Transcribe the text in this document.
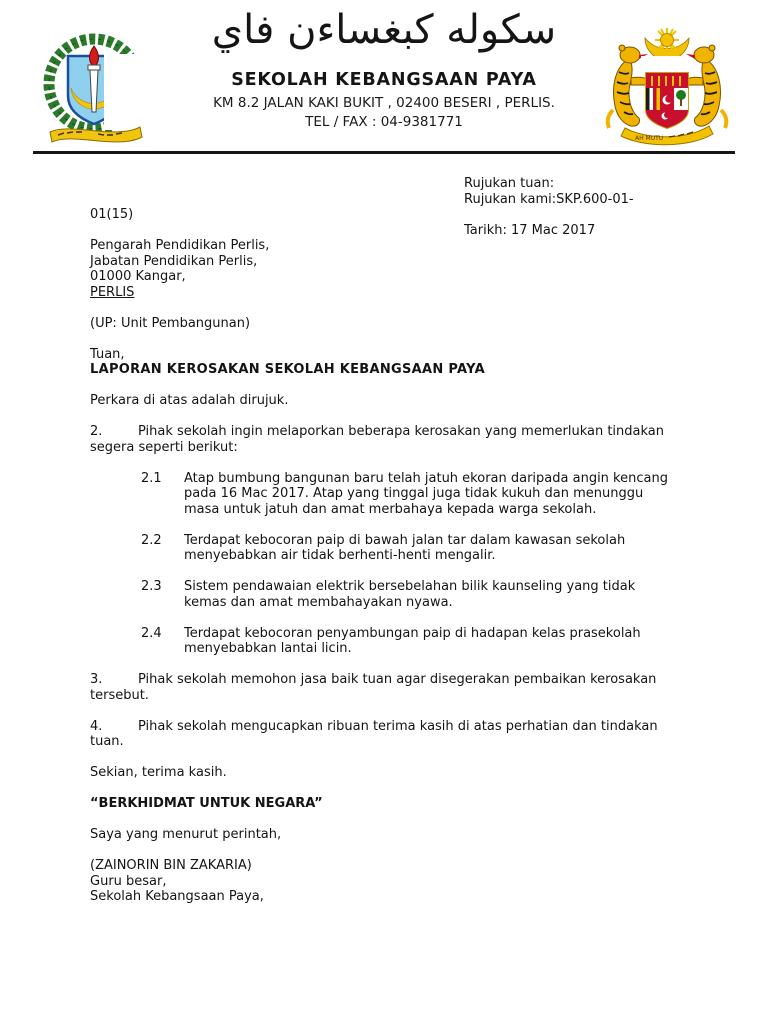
AH MUTU
سكوله كبغساءن فاي
SEKOLAH KEBANGSAAN PAYA
KM 8.2 JALAN KAKI BUKIT , 02400 BESERI , PERLIS.
TEL / FAX : 04-9381771
Rujukan tuan:
Rujukan kami:SKP.600-01-
01(15)
Tarikh: 17 Mac 2017
Pengarah Pendidikan Perlis,
Jabatan Pendidikan Perlis,
01000 Kangar,
PERLIS
(UP: Unit Pembangunan)
Tuan,
LAPORAN KEROSAKAN SEKOLAH KEBANGSAAN PAYA
Perkara di atas adalah dirujuk.
2.	Pihak sekolah ingin melaporkan beberapa kerosakan yang memerlukan tindakan segera seperti berikut:
2.1	Atap bumbung bangunan baru telah jatuh ekoran daripada angin kencang pada 16 Mac 2017. Atap yang tinggal juga tidak kukuh dan menunggu masa untuk jatuh dan amat merbahaya kepada warga sekolah.
2.2	Terdapat kebocoran paip di bawah jalan tar dalam kawasan sekolah menyebabkan air tidak berhenti-henti mengalir.
2.3	Sistem pendawaian elektrik bersebelahan bilik kaunseling yang tidak kemas dan amat membahayakan nyawa.
2.4	Terdapat kebocoran penyambungan paip di hadapan kelas prasekolah menyebabkan lantai licin.
3.	Pihak sekolah memohon jasa baik tuan agar disegerakan pembaikan kerosakan tersebut.
4.	Pihak sekolah mengucapkan ribuan terima kasih di atas perhatian dan tindakan tuan.
Sekian, terima kasih.
“BERKHIDMAT UNTUK NEGARA”
Saya yang menurut perintah,
(ZAINORIN BIN ZAKARIA)
Guru besar,
Sekolah Kebangsaan Paya,
